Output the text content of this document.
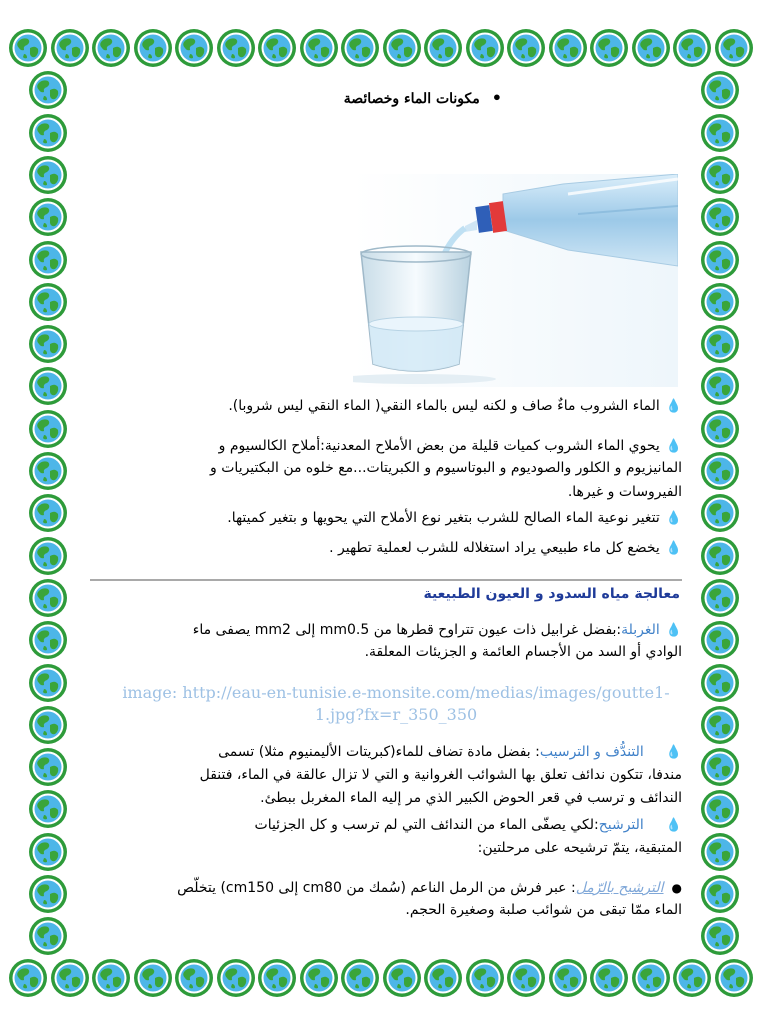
•مكونات الماء وخصائصة
💧الماء الشروب ماءٌ صاف و لكنه ليس بالماء النقي( الماء النقي ليس شروبا).
💧يحوي الماء الشروب كميات قليلة من بعض الأملاح المعدنية:أملاح الكالسيوم و
المانيزيوم و الكلور والصوديوم و البوتاسيوم و الكبريتات...مع خلوه من البكتيريات و
الفيروسات و غيرها.
💧تتغير نوعية الماء الصالح للشرب بتغير نوع الأملاح التي يحويها و بتغير كميتها.
💧يخضع كل ماء طبيعي يراد استغلاله للشرب لعملية تطهير .
معالجة مياه السدود و العيون الطبيعية
💧الغربلة:بفضل غرابيل ذات عيون تتراوح قطرها من mm0.5 إلى mm2 يصفى ماء
الوادي أو السد من الأجسام العائمة و الجزيئات المعلقة.
image: http://eau-en-tunisie.e-monsite.com/medias/images/goutte1-1.jpg?fx=r_350_350
💧التندُّف و الترسيب: بفضل مادة تضاف للماء(كبريتات الأليمنيوم مثلا) تسمى
مندفا، تتكون ندائف تعلق بها الشوائب الغروانية و التي لا تزال عالقة في الماء، فتنقل
الندائف و ترسب في قعر الحوض الكبير الذي مر إليه الماء المغربل ببطئ.
💧الترشيح:لكي يصفّى الماء من الندائف التي لم ترسب و كل الجزئيات
المتبقية، يتمّ ترشيحه على مرحلتين:
●الترشيح بالرّمل: عبر فرش من الرمل الناعم (سُمك من cm80 إلى cm150) يتخلّص
الماء ممّا تبقى من شوائب صلبة وصغيرة الحجم.
